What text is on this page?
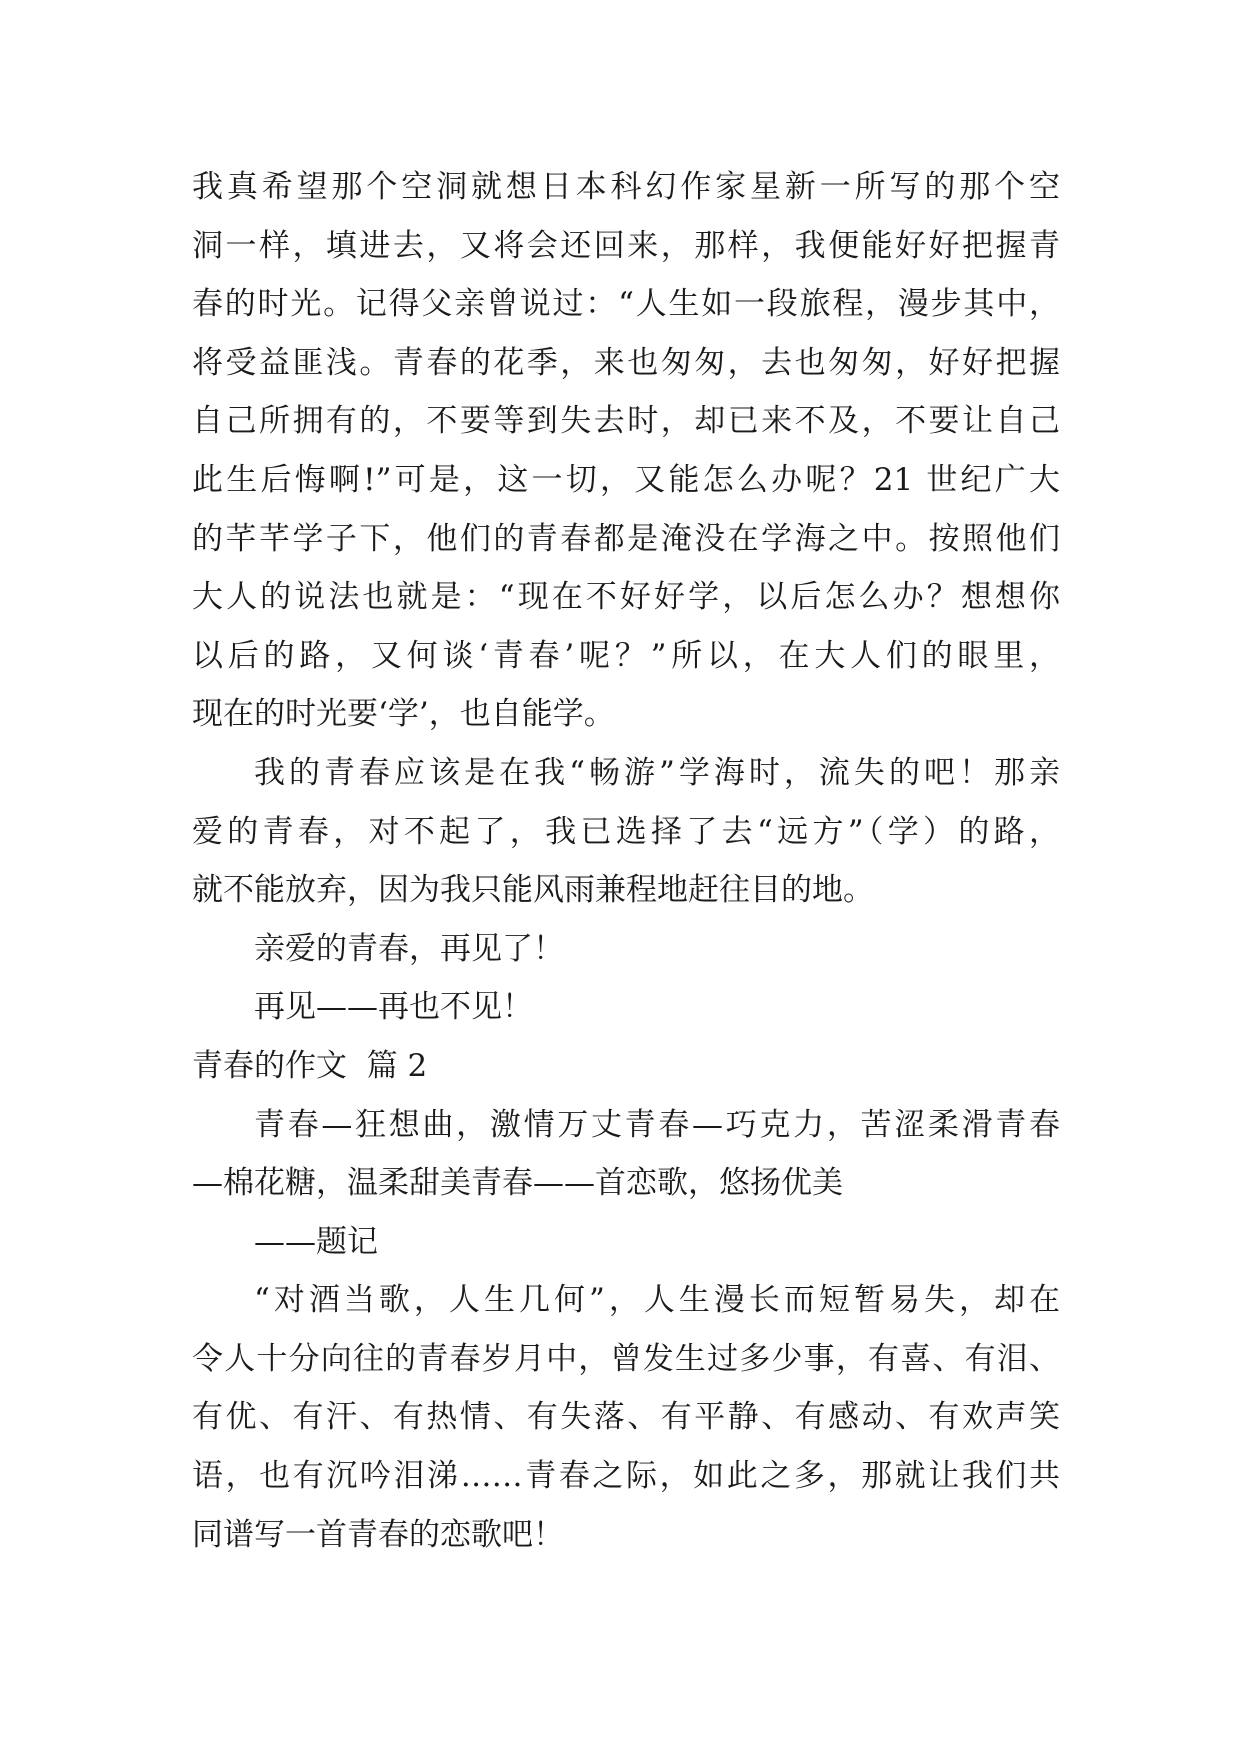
我真希望那个空洞就想日本科幻作家星新一所写的那个空
洞一样，填进去，又将会还回来，那样，我便能好好把握青
春的时光。记得父亲曾说过：“人生如一段旅程，漫步其中，
将受益匪浅。青春的花季，来也匆匆，去也匆匆，好好把握
自己所拥有的，不要等到失去时，却已来不及，不要让自己
此生后悔啊!”可是，这一切，又能怎么办呢？21 世纪广大
的芊芊学子下，他们的青春都是淹没在学海之中。按照他们
大人的说法也就是：“现在不好好学，以后怎么办？想想你
以后的路，又何谈‘青春’呢？”所以，在大人们的眼里，
现在的时光要‘学’，也自能学。
我的青春应该是在我“畅游”学海时，流失的吧！那亲
爱的青春，对不起了，我已选择了去“远方”（学）的路，
就不能放弃，因为我只能风雨兼程地赶往目的地。
亲爱的青春，再见了！
再见——再也不见！
青春的作文  篇 2
青春—狂想曲，激情万丈青春—巧克力，苦涩柔滑青春
—棉花糖，温柔甜美青春——首恋歌，悠扬优美
——题记
“对酒当歌，人生几何”，人生漫长而短暂易失，却在
令人十分向往的青春岁月中，曾发生过多少事，有喜、有泪、
有优、有汗、有热情、有失落、有平静、有感动、有欢声笑
语，也有沉吟泪涕……青春之际，如此之多，那就让我们共
同谱写一首青春的恋歌吧！
